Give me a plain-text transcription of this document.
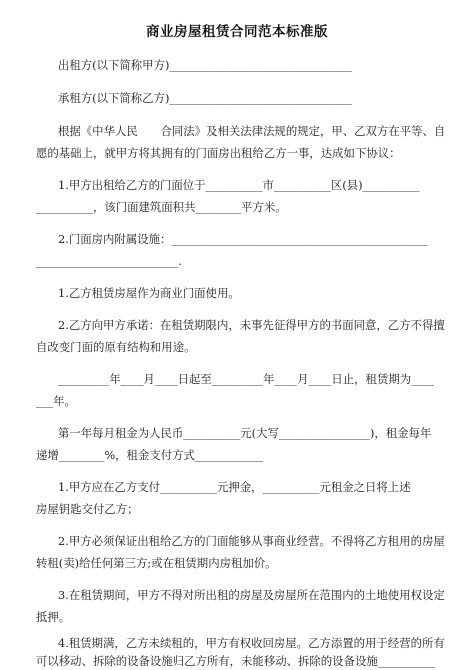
商业房屋租赁合同范本标准版
出租方(以下简称甲方)________________________________
承租方(以下简称乙方)________________________________
根据《中华人民　　合同法》及相关法律法规的规定，甲、乙双方在平等、自
愿的基础上，就甲方将其拥有的门面房出租给乙方一事，达成如下协议：
1.甲方出租给乙方的门面位于__________市__________区(县)__________
__________，该门面建筑面积共________平方米。
2.门面房内附属设施：_____________________________________________
_________________________.
1.乙方租赁房屋作为商业门面使用。
2.乙方向甲方承诺：在租赁期限内，未事先征得甲方的书面同意，乙方不得擅
自改变门面的原有结构和用途。
_________年____月____日起至_________年____月____日止，租赁期为____
___年。
第一年每月租金为人民币__________元(大写________________)，租金每年
递增________%，租金支付方式____________
1.甲方应在乙方支付__________元押金，__________元租金之日将上述
房屋钥匙交付乙方；
2.甲方必须保证出租给乙方的门面能够从事商业经营。不得将乙方租用的房屋
转租(卖)给任何第三方;或在租赁期内房租加价。
3.在租赁期间，甲方不得对所出租的房屋及房屋所在范围内的土地使用权设定
抵押。
4.租赁期满，乙方未续租的，甲方有权收回房屋。乙方添置的用于经营的所有
可以移动、拆除的设备设施归乙方所有，未能移动、拆除的设备设施__________
